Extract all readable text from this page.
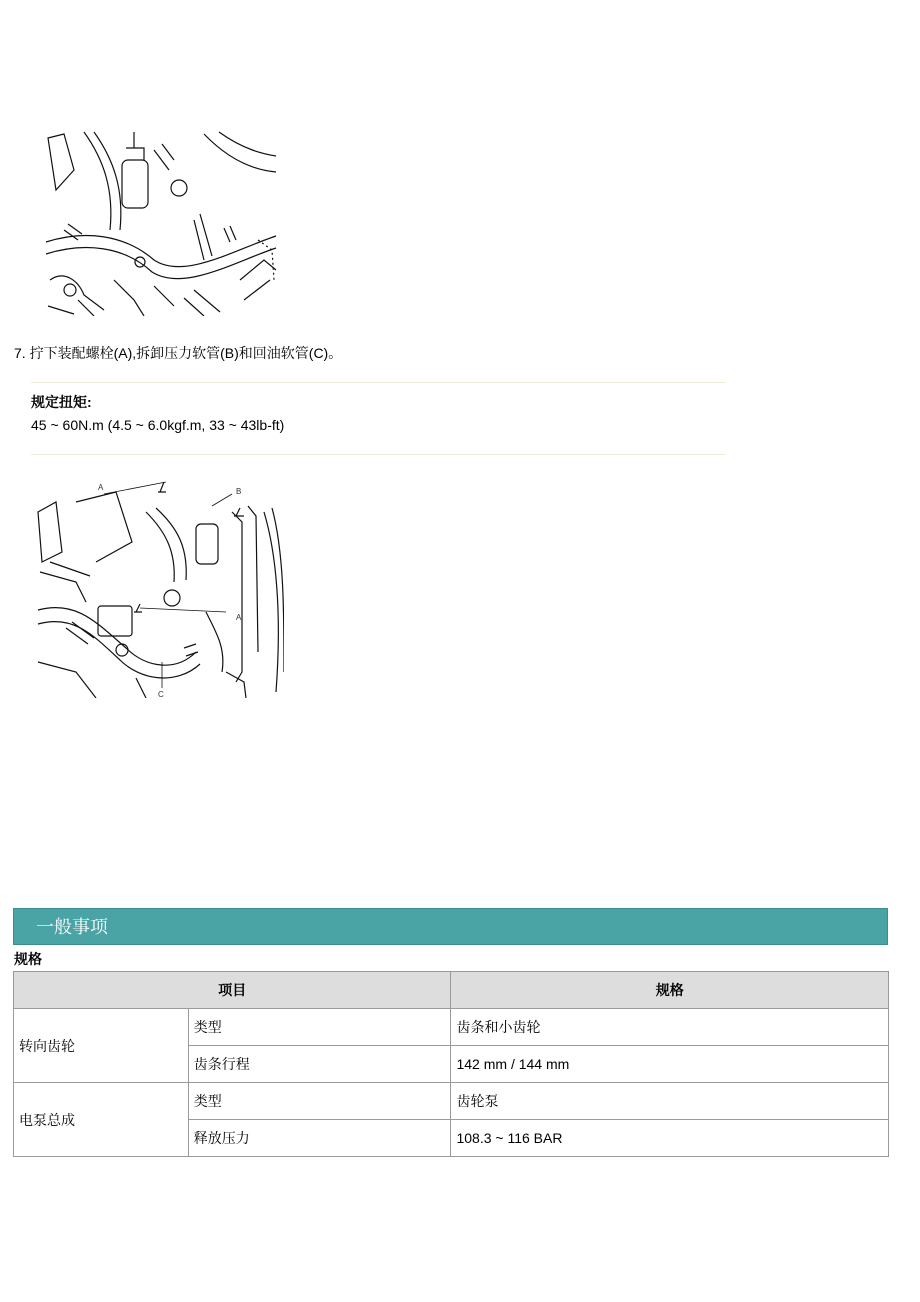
7. 拧下装配螺栓(A),拆卸压力软管(B)和回油软管(C)。
规定扭矩:
45 ~ 60N.m (4.5 ~ 6.0kgf.m, 33 ~ 43lb-ft)
A	B
A
C
一般事项
规格
项目		规格
转向齿轮	类型	齿条和小齿轮
	齿条行程	142 mm / 144 mm
电泵总成	类型	齿轮泵
	释放压力	108.3 ~ 116 BAR
